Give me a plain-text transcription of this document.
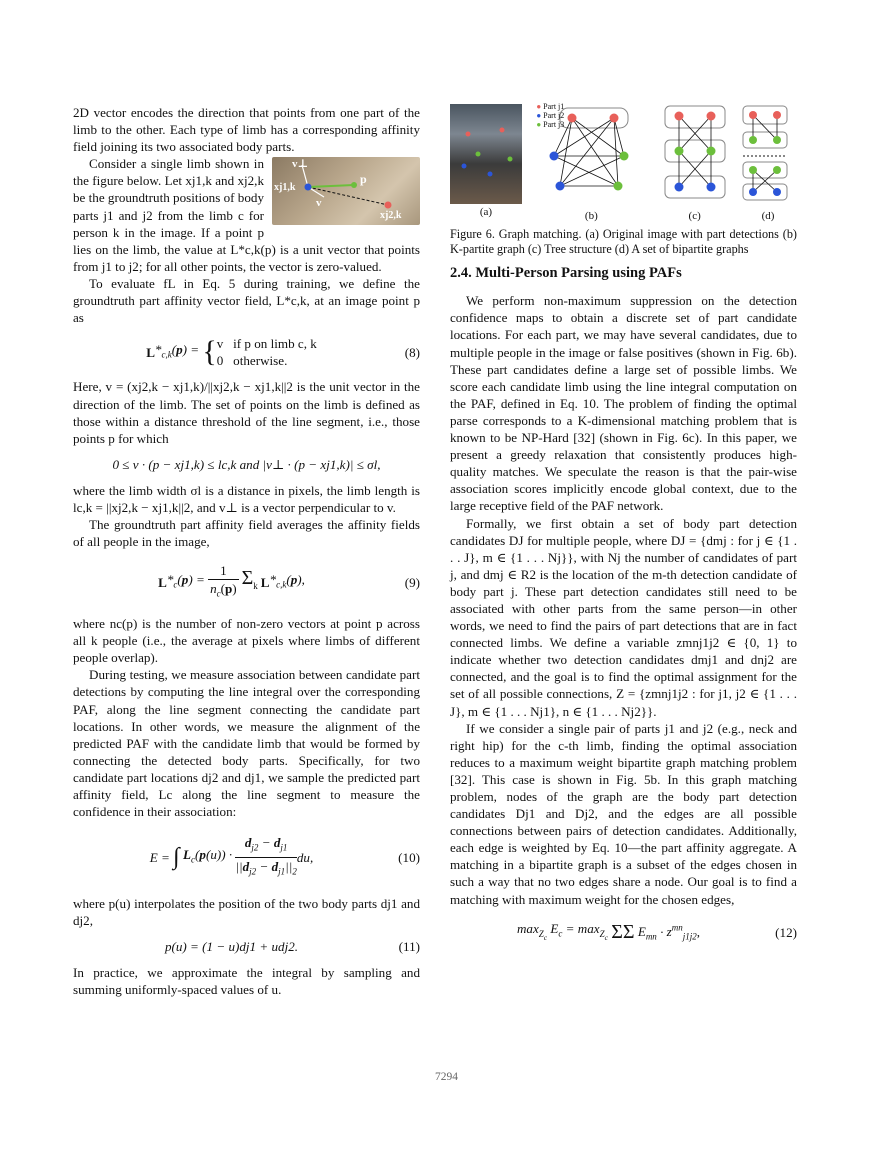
2D vector encodes the direction that points from one part of the limb to the other. Each type of limb has a corresponding affinity field joining its two associated body parts.

v⊥
p
v
xj1,k
xj2,k

Consider a single limb shown in the figure below. Let xj1,k and xj2,k be the groundtruth positions of body parts j1 and j2 from the limb c for person k in the image. If a point p lies on the limb, the value at L*c,k(p) is a unit vector that points from j1 to j2; for all other points, the vector is zero-valued.

To evaluate fL in Eq. 5 during training, we define the groundtruth part affinity vector field, L*c,k, at an image point p as

L $*_{c,k}(p)$ = { v   if p on limb c, k
0   otherwise.
(8)

Here, v = (xj2,k − xj1,k)/||xj2,k − xj1,k||2 is the unit vector in the direction of the limb. The set of points on the limb is defined as those within a distance threshold of the line segment, i.e., those points p for which

0 ≤ v · (p − xj1,k) ≤ lc,k and |v⊥ · (p − xj1,k)| ≤ σl,

where the limb width σl is a distance in pixels, the limb length is lc,k = ||xj2,k − xj1,k||2, and v⊥ is a vector perpendicular to v.

The groundtruth part affinity field averages the affinity fields of all people in the image,

L $*_c(p) = \frac{1}{n_c(p)} \Sigma_k$ L $*_{c,k}(p)$,	(9)

where nc(p) is the number of non-zero vectors at point p across all k people (i.e., the average at pixels where limbs of different people overlap).

During testing, we measure association between candidate part detections by computing the line integral over the corresponding PAF, along the line segment connecting the candidate part locations. In other words, we measure the alignment of the predicted PAF with the candidate limb that would be formed by connecting the detected body parts. Specifically, for two candidate part locations dj2 and dj1, we sample the predicted part affinity field, Lc along the line segment to measure the confidence in their association:

E = ∫ $L_c(p(u))$ ·
$d_{j2} - d_{j1}$
$||d_{j2} - d_{j1}||_2$
du,	(10)

where p(u) interpolates the position of the two body parts dj1 and dj2,

p(u) = (1 − u)dj1 + udj2.	(11)

In practice, we approximate the integral by sampling and summing uniformly-spaced values of u.

(a)
● Part j1
● Part j2
● Part j3
(b)	(c)	(d)

Figure 6. Graph matching. (a) Original image with part detections (b) K-partite graph (c) Tree structure (d) A set of bipartite graphs

2.4. Multi-Person Parsing using PAFs

We perform non-maximum suppression on the detection confidence maps to obtain a discrete set of part candidate locations. For each part, we may have several candidates, due to multiple people in the image or false positives (shown in Fig. 6b). These part candidates define a large set of possible limbs. We score each candidate limb using the line integral computation on the PAF, defined in Eq. 10. The problem of finding the optimal parse corresponds to a K-dimensional matching problem that is known to be NP-Hard [32] (shown in Fig. 6c). In this paper, we present a greedy relaxation that consistently produces high-quality matches. We speculate the reason is that the pair-wise association scores implicitly encode global context, due to the large receptive field of the PAF network.

Formally, we first obtain a set of body part detection candidates DJ for multiple people, where DJ = {dmj : for j ∈ {1 . . . J}, m ∈ {1 . . . Nj}}, with Nj the number of candidates of part j, and dmj ∈ R2 is the location of the m-th detection candidate of body part j. These part detection candidates still need to be associated with other parts from the same person—in other words, we need to find the pairs of part detections that are in fact connected limbs. We define a variable zmnj1j2 ∈ {0, 1} to indicate whether two detection candidates dmj1 and dnj2 are connected, and the goal is to find the optimal assignment for the set of all possible connections, Z = {zmnj1j2 : for j1, j2 ∈ {1 . . . J}, m ∈ {1 . . . Nj1}, n ∈ {1 . . . Nj2}}.

If we consider a single pair of parts j1 and j2 (e.g., neck and right hip) for the c-th limb, finding the optimal association reduces to a maximum weight bipartite graph matching problem [32]. This case is shown in Fig. 5b. In this graph matching problem, nodes of the graph are the body part detection candidates Dj1 and Dj2, and the edges are all possible connections between pairs of detection candidates. Additionally, each edge is weighted by Eq. 10—the part affinity aggregate. A matching in a bipartite graph is a subset of the edges chosen in such a way that no two edges share a node. Our goal is to find a matching with maximum weight for the chosen edges,

$\max_{Z_c} E_c = \max_{Z_c} \Sigma$ Σ $E_{mn} \cdot z^{mn}_{j1j2}$,	(12)
7294
